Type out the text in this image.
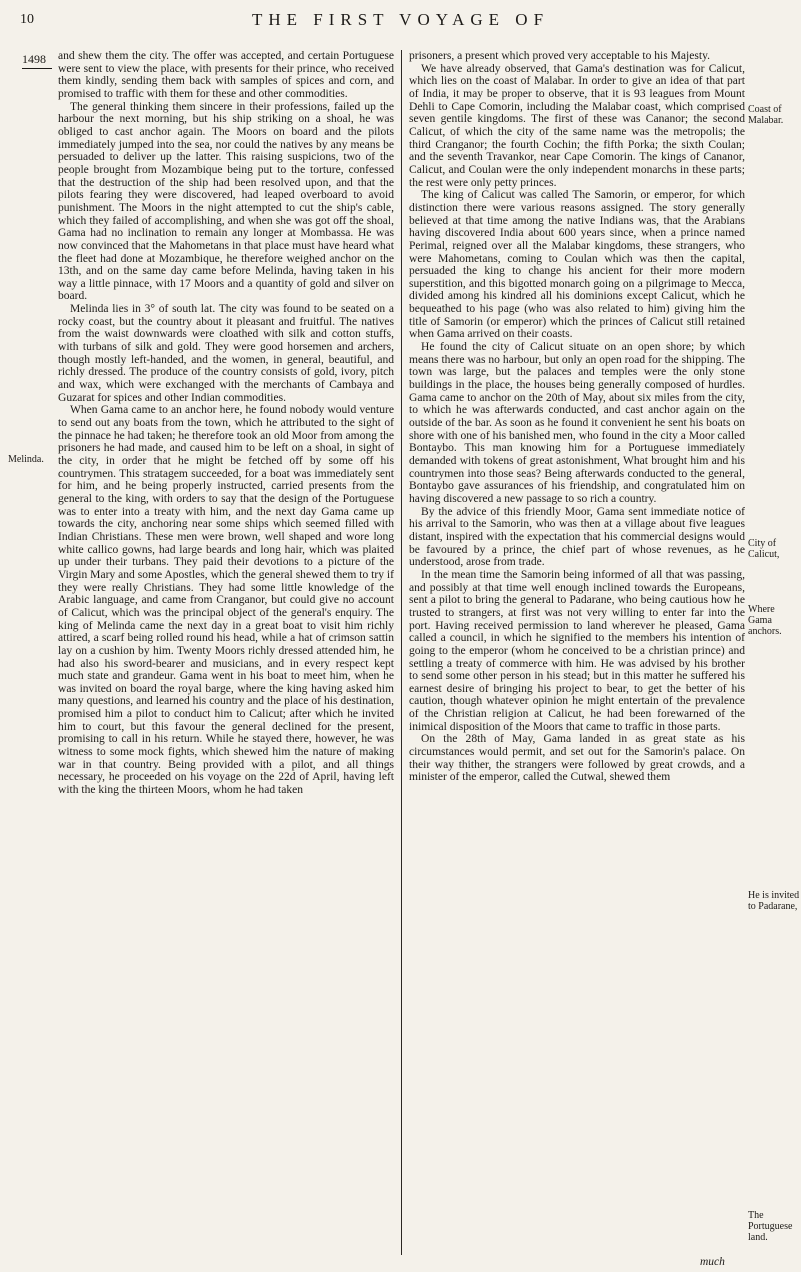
10	THE FIRST VOYAGE OF
1498
Melinda.
Coast of Malabar.
City of Calicut,
Where Gama anchors.
He is invited to Padarane,
The Portuguese land.

and shew them the city. The offer was accepted, and certain Portuguese were sent to view the place, with presents for their prince, who received them kindly, sending them back with samples of spices and corn, and promised to traffic with them for these and other commodities.

The general thinking them sincere in their professions, failed up the harbour the next morning, but his ship striking on a shoal, he was obliged to cast anchor again. The Moors on board and the pilots immediately jumped into the sea, nor could the natives by any means be persuaded to deliver up the latter. This raising suspicions, two of the people brought from Mozambique being put to the torture, confessed that the destruction of the ship had been resolved upon, and that the pilots fearing they were discovered, had leaped overboard to avoid punishment. The Moors in the night attempted to cut the ship's cable, which they failed of accomplishing, and when she was got off the shoal, Gama had no inclination to remain any longer at Mombassa. He was now convinced that the Mahometans in that place must have heard what the fleet had done at Mozambique, he therefore weighed anchor on the 13th, and on the same day came before Melinda, having taken in his way a little pinnace, with 17 Moors and a quantity of gold and silver on board.

Melinda lies in 3° of south lat. The city was found to be seated on a rocky coast, but the country about it pleasant and fruitful. The natives from the waist downwards were cloathed with silk and cotton stuffs, with turbans of silk and gold. They were good horsemen and archers, though mostly left-handed, and the women, in general, beautiful, and richly dressed. The produce of the country consists of gold, ivory, pitch and wax, which were exchanged with the merchants of Cambaya and Guzarat for spices and other Indian commodities.

When Gama came to an anchor here, he found nobody would venture to send out any boats from the town, which he attributed to the sight of the pinnace he had taken; he therefore took an old Moor from among the prisoners he had made, and caused him to be left on a shoal, in sight of the city, in order that he might be fetched off by some off his countrymen. This stratagem succeeded, for a boat was immediately sent for him, and he being properly instructed, carried presents from the general to the king, with orders to say that the design of the Portuguese was to enter into a treaty with him, and the next day Gama came up towards the city, anchoring near some ships which seemed filled with Indian Christians. These men were brown, well shaped and wore long white callico gowns, had large beards and long hair, which was plaited up under their turbans. They paid their devotions to a picture of the Virgin Mary and some Apostles, which the general shewed them to try if they were really Christians. They had some little knowledge of the Arabic language, and came from Cranganor, but could give no account of Calicut, which was the principal object of the general's enquiry. The king of Melinda came the next day in a great boat to visit him richly attired, a scarf being rolled round his head, while a hat of crimson sattin lay on a cushion by him. Twenty Moors richly dressed attended him, he had also his sword-bearer and musicians, and in every respect kept much state and grandeur. Gama went in his boat to meet him, when he was invited on board the royal barge, where the king having asked him many questions, and learned his country and the place of his destination, promised him a pilot to conduct him to Calicut; after which he invited him to court, but this favour the general declined for the present, promising to call in his return. While he stayed there, however, he was witness to some mock fights, which shewed him the nature of making war in that country. Being provided with a pilot, and all things necessary, he proceeded on his voyage on the 22d of April, having left with the king the thirteen Moors, whom he had taken

prisoners, a present which proved very acceptable to his Majesty.

We have already observed, that Gama's destination was for Calicut, which lies on the coast of Malabar. In order to give an idea of that part of India, it may be proper to observe, that it is 93 leagues from Mount Dehli to Cape Comorin, including the Malabar coast, which comprised seven gentile kingdoms. The first of these was Cananor; the second Calicut, of which the city of the same name was the metropolis; the third Cranganor; the fourth Cochin; the fifth Porka; the sixth Coulan; and the seventh Travankor, near Cape Comorin. The kings of Cananor, Calicut, and Coulan were the only independent monarchs in these parts; the rest were only petty princes.

The king of Calicut was called The Samorin, or emperor, for which distinction there were various reasons assigned. The story generally believed at that time among the native Indians was, that the Arabians having discovered India about 600 years since, when a prince named Perimal, reigned over all the Malabar kingdoms, these strangers, who were Mahometans, coming to Coulan which was then the capital, persuaded the king to change his ancient for their more modern superstition, and this bigotted monarch going on a pilgrimage to Mecca, divided among his kindred all his dominions except Calicut, which he bequeathed to his page (who was also related to him) giving him the title of Samorin (or emperor) which the princes of Calicut still retained when Gama arrived on their coasts.

He found the city of Calicut situate on an open shore; by which means there was no harbour, but only an open road for the shipping. The town was large, but the palaces and temples were the only stone buildings in the place, the houses being generally composed of hurdles. Gama came to anchor on the 20th of May, about six miles from the city, to which he was afterwards conducted, and cast anchor again on the outside of the bar. As soon as he found it convenient he sent his boats on shore with one of his banished men, who found in the city a Moor called Bontaybo. This man knowing him for a Portuguese immediately demanded with tokens of great astonishment, What brought him and his countrymen into those seas? Being afterwards conducted to the general, Bontaybo gave assurances of his friendship, and congratulated him on having discovered a new passage to so rich a country.

By the advice of this friendly Moor, Gama sent immediate notice of his arrival to the Samorin, who was then at a village about five leagues distant, inspired with the expectation that his commercial designs would be favoured by a prince, the chief part of whose revenues, as he understood, arose from trade.

In the mean time the Samorin being informed of all that was passing, and possibly at that time well enough inclined towards the Europeans, sent a pilot to bring the general to Padarane, who being cautious how he trusted to strangers, at first was not very willing to enter far into the port. Having received permission to land wherever he pleased, Gama called a council, in which he signified to the members his intention of going to the emperor (whom he conceived to be a christian prince) and settling a treaty of commerce with him. He was advised by his brother to send some other person in his stead; but in this matter he suffered his earnest desire of bringing his project to bear, to get the better of his caution, though whatever opinion he might entertain of the prevalence of the Christian religion at Calicut, he had been forewarned of the inimical disposition of the Moors that came to traffic in those parts.

On the 28th of May, Gama landed in as great state as his circumstances would permit, and set out for the Samorin's palace. On their way thither, the strangers were followed by great crowds, and a minister of the emperor, called the Cutwal, shewed them

much
